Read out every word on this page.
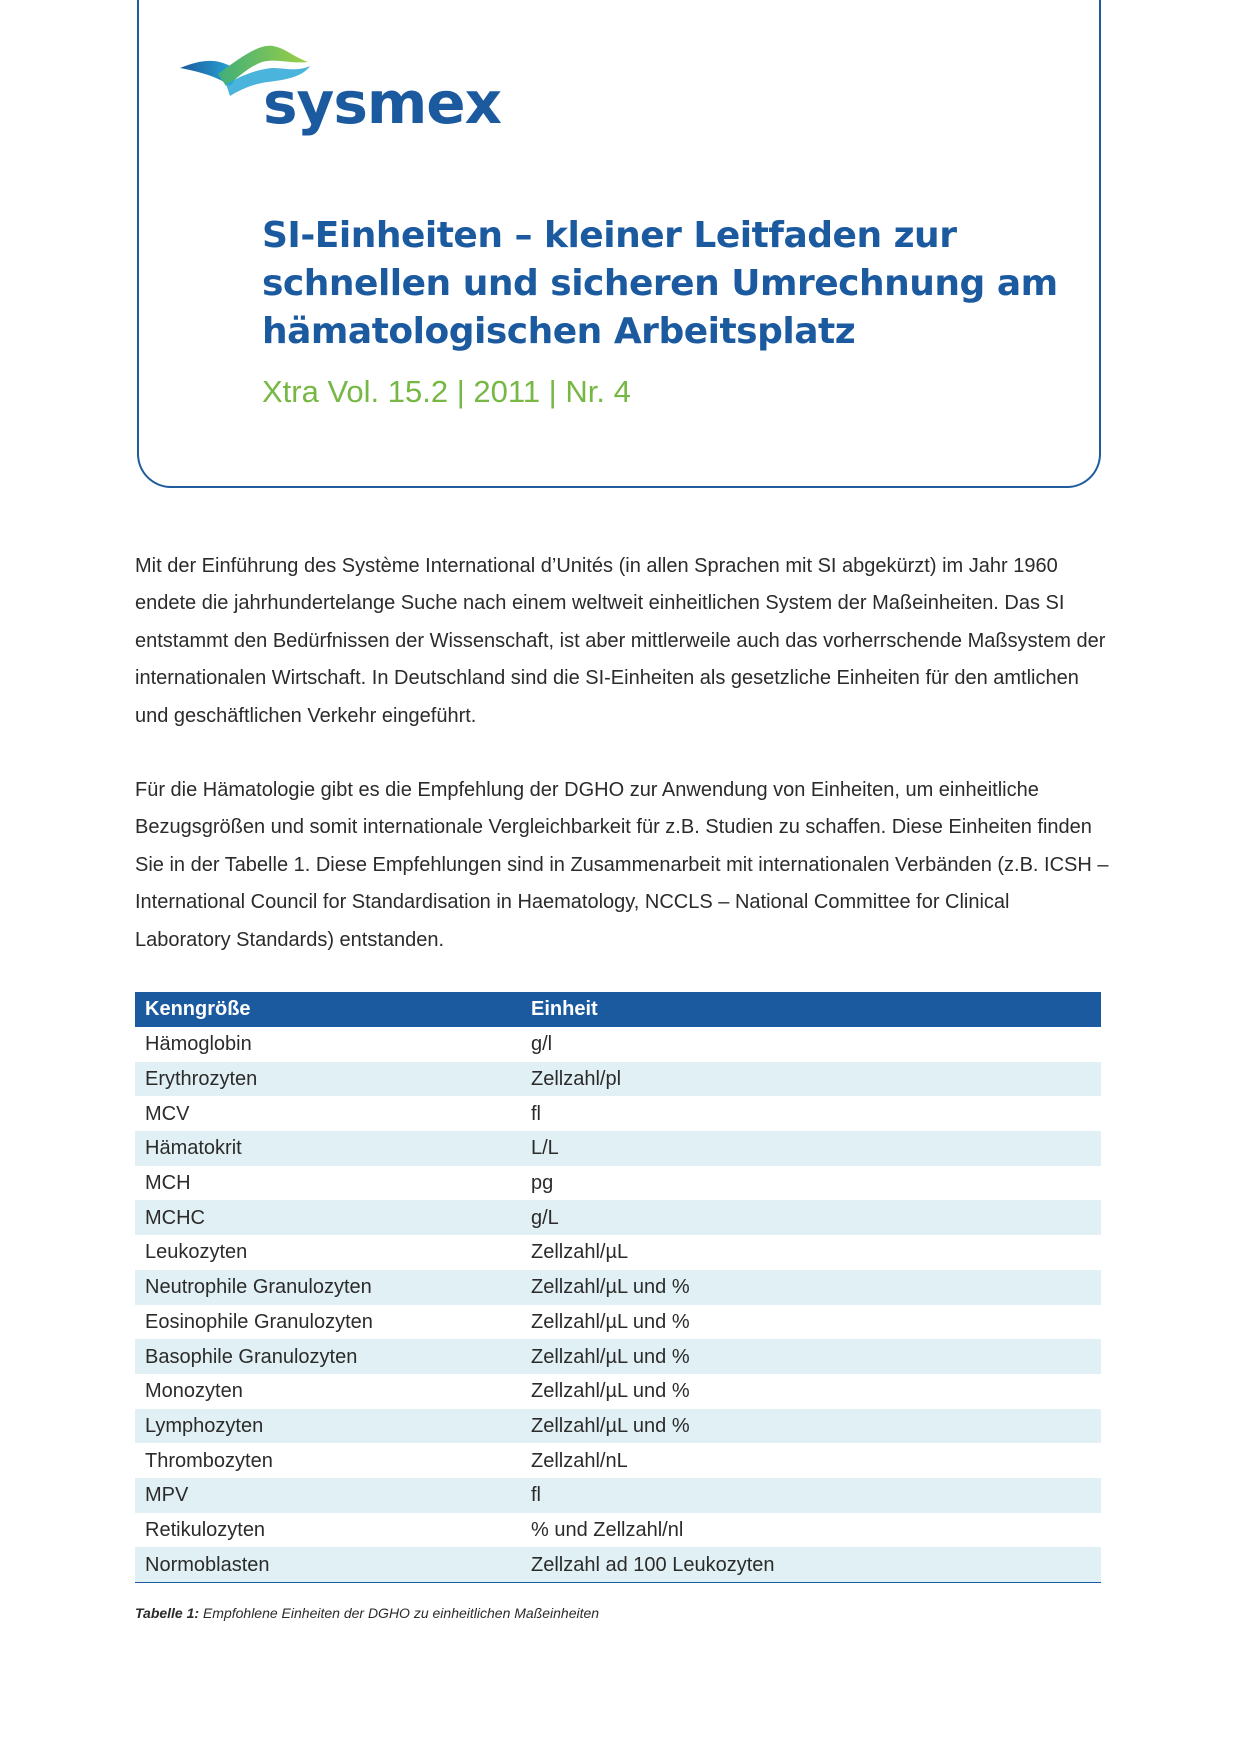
sysmex
SI-Einheiten – kleiner Leitfaden zur schnellen und sicheren Umrechnung am hämatologischen Arbeitsplatz

Xtra Vol. 15.2 | 2011 | Nr. 4

Mit der Einführung des Système International d’Unités (in allen Sprachen mit SI abgekürzt) im Jahr 1960 endete die jahrhundertelange Suche nach einem weltweit einheitlichen System der Maßeinheiten. Das SI entstammt den Bedürfnissen der Wissenschaft, ist aber mittlerweile auch das vorherrschende Maßsystem der internationalen Wirtschaft. In Deutschland sind die SI-Einheiten als gesetzliche Einheiten für den amtlichen und geschäftlichen Verkehr eingeführt.

Für die Hämatologie gibt es die Empfehlung der DGHO zur Anwendung von Einheiten, um einheitliche Bezugsgrößen und somit internationale Vergleichbarkeit für z.B. Studien zu schaffen. Diese Einheiten finden Sie in der Tabelle 1. Diese Empfehlungen sind in Zusammenarbeit mit internationalen Verbänden (z.B. ICSH – International Council for Standardisation in Haematology, NCCLS – National Committee for Clinical Laboratory Standards) entstanden.

Kenngröße	Einheit
Hämoglobin	g/l
Erythrozyten	Zellzahl/pl
MCV	fl
Hämatokrit	L/L
MCH	pg
MCHC	g/L
Leukozyten	Zellzahl/µL
Neutrophile Granulozyten	Zellzahl/µL und %
Eosinophile Granulozyten	Zellzahl/µL und %
Basophile Granulozyten	Zellzahl/µL und %
Monozyten	Zellzahl/µL und %
Lymphozyten	Zellzahl/µL und %
Thrombozyten	Zellzahl/nL
MPV	fl
Retikulozyten	% und Zellzahl/nl
Normoblasten	Zellzahl ad 100 Leukozyten

Tabelle 1: Empfohlene Einheiten der DGHO zu einheitlichen Maßeinheiten
